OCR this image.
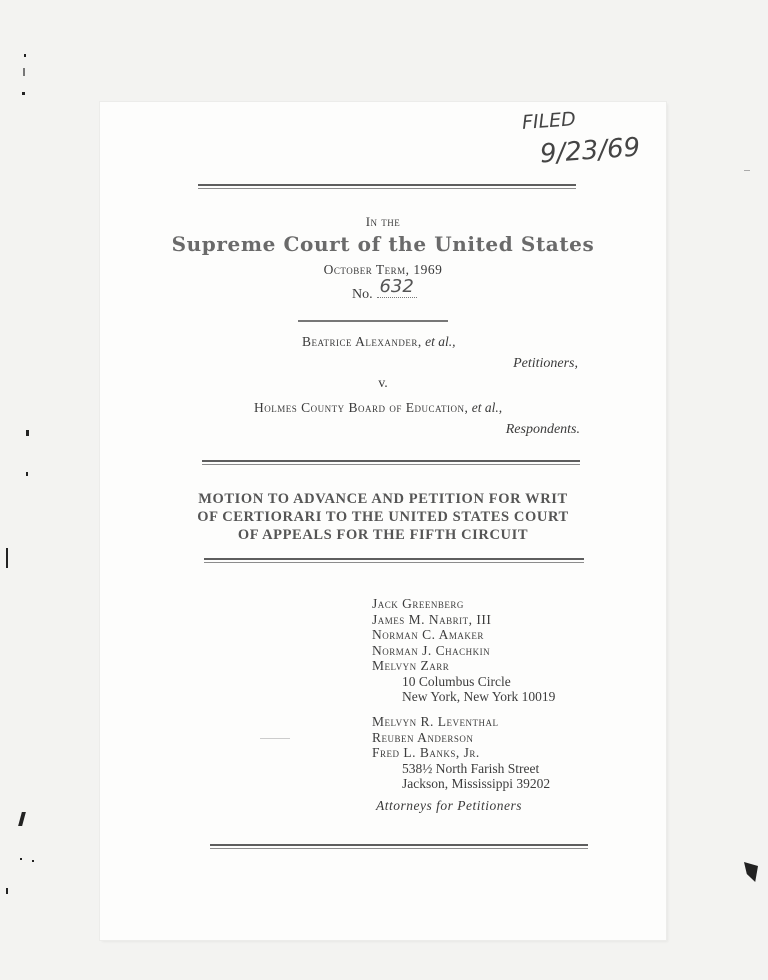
FILED
9/23/69
In the
Supreme Court of the United States
October Term, 1969
No. 632
Beatrice Alexander, et al.,
Petitioners,
v.
Holmes County Board of Education, et al.,
Respondents.
MOTION TO ADVANCE AND PETITION FOR WRIT
OF CERTIORARI TO THE UNITED STATES COURT
OF APPEALS FOR THE FIFTH CIRCUIT
Jack Greenberg
James M. Nabrit, III
Norman C. Amaker
Norman J. Chachkin
Melvyn Zarr
10 Columbus Circle
New York, New York 10019
Melvyn R. Leventhal
Reuben Anderson
Fred L. Banks, Jr.
538½ North Farish Street
Jackson, Mississippi 39202
Attorneys for Petitioners
